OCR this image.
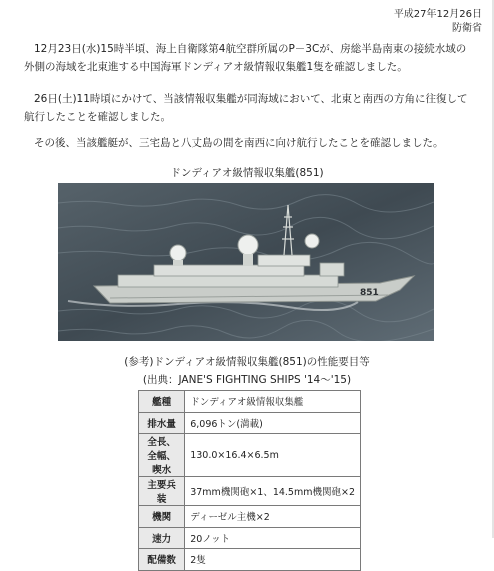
平成27年12月26日
防衛省

12月23日(水)15時半頃、海上自衛隊第4航空群所属のP－3Cが、房総半島南東の接続水域の外側の海域を北東進する中国海軍ドンディアオ級情報収集艦1隻を確認しました。

26日(土)11時頃にかけて、当該情報収集艦が同海域において、北東と南西の方角に往復して航行したことを確認しました。

その後、当該艦艇が、三宅島と八丈島の間を南西に向け航行したことを確認しました。

ドンディアオ級情報収集艦(851)
851
(参考)ドンディアオ級情報収集艦(851)の性能要目等
(出典：JANE'S FIGHTING SHIPS '14～'15)
艦種	ドンディアオ級情報収集艦
排水量	6,096トン(満載)
全長、全幅、喫水	130.0×16.4×6.5m
主要兵装	37mm機関砲×1、14.5mm機関砲×2
機関	ディーゼル主機×2
速力	20ノット
配備数	2隻
